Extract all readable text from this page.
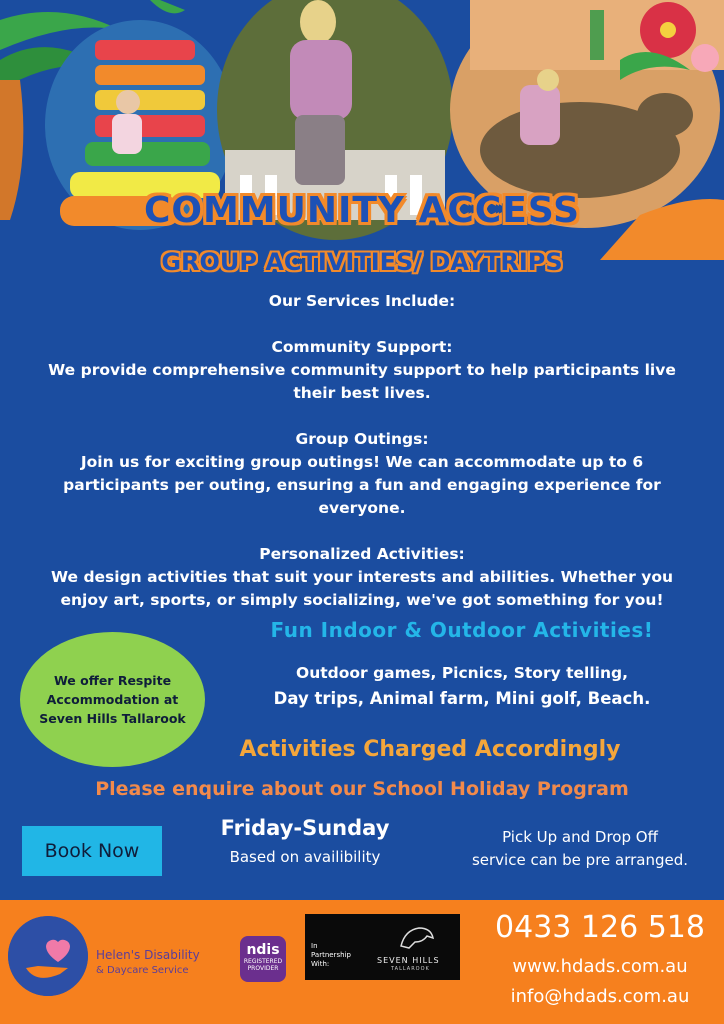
COMMUNITY ACCESS
GROUP ACTIVITIES/ DAYTRIPS

Our Services Include:

Community Support:

We provide comprehensive community support to help participants live their best lives.

Group Outings:

Join us for exciting group outings! We can accommodate up to 6 participants per outing, ensuring a fun and engaging experience for everyone.

Personalized Activities:

We design activities that suit your interests and abilities. Whether you enjoy art, sports, or simply socializing, we've got something for you!

We offer Respite
Accommodation at
Seven Hills Tallarook
Fun Indoor & Outdoor Activities!
Outdoor games, Picnics, Story telling,
Day trips, Animal farm, Mini golf, Beach.
Activities Charged Accordingly
Please enquire about our School Holiday Program
Book Now
Friday-Sunday
Based on availibility
Pick Up and Drop Off
service can be pre arranged.
Helen's Disability
& Daycare Service
ndis
REGISTERED
PROVIDER
In Partnership With:	SEVEN HILLS
TALLAROOK
0433 126 518
www.hdads.com.au
info@hdads.com.au
